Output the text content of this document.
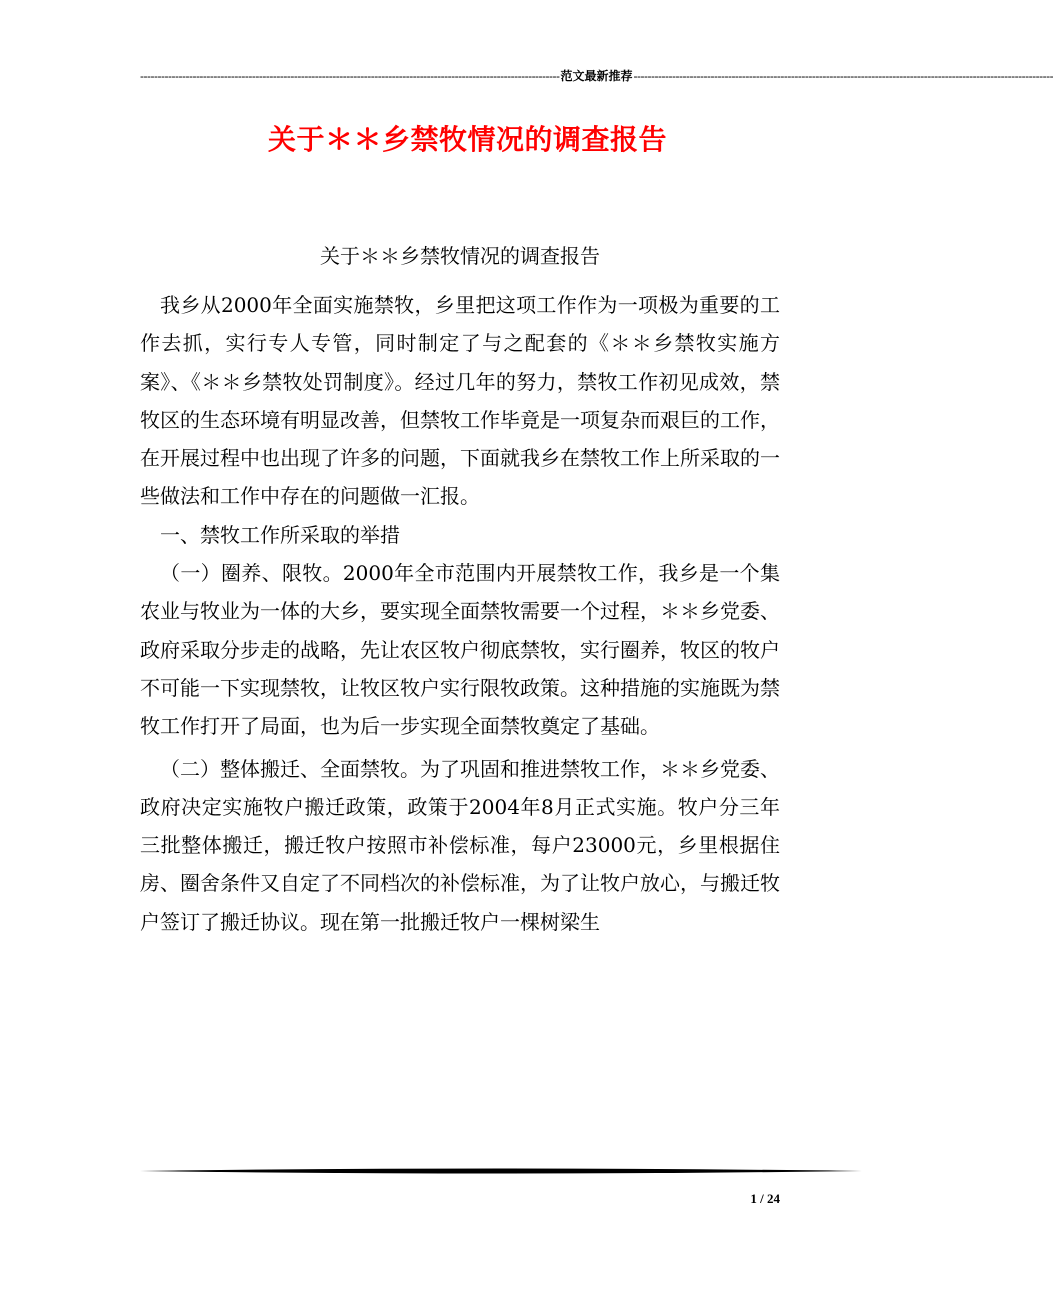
------------------------------------------------------------------------------------------------------------------------ 范文最新推荐 ------------------------------------------------------------------------------------------------------------------------
关于＊＊乡禁牧情况的调查报告
关于＊＊乡禁牧情况的调查报告

我乡从2000年全面实施禁牧，乡里把这项工作作为一项极为重要的工作去抓，实行专人专管，同时制定了与之配套的《＊＊乡禁牧实施方案》、《＊＊乡禁牧处罚制度》。经过几年的努力，禁牧工作初见成效，禁牧区的生态环境有明显改善，但禁牧工作毕竟是一项复杂而艰巨的工作，在开展过程中也出现了许多的问题，下面就我乡在禁牧工作上所采取的一些做法和工作中存在的问题做一汇报。

一、禁牧工作所采取的举措

（一）圈养、限牧。2000年全市范围内开展禁牧工作，我乡是一个集农业与牧业为一体的大乡，要实现全面禁牧需要一个过程，＊＊乡党委、政府采取分步走的战略，先让农区牧户彻底禁牧，实行圈养，牧区的牧户不可能一下实现禁牧，让牧区牧户实行限牧政策。这种措施的实施既为禁牧工作打开了局面，也为后一步实现全面禁牧奠定了基础。

（二）整体搬迁、全面禁牧。为了巩固和推进禁牧工作，＊＊乡党委、政府决定实施牧户搬迁政策，政策于2004年8月正式实施。牧户分三年三批整体搬迁，搬迁牧户按照市补偿标准，每户23000元，乡里根据住房、圈舍条件又自定了不同档次的补偿标准，为了让牧户放心，与搬迁牧户签订了搬迁协议。现在第一批搬迁牧户一棵树梁生

1 / 24
